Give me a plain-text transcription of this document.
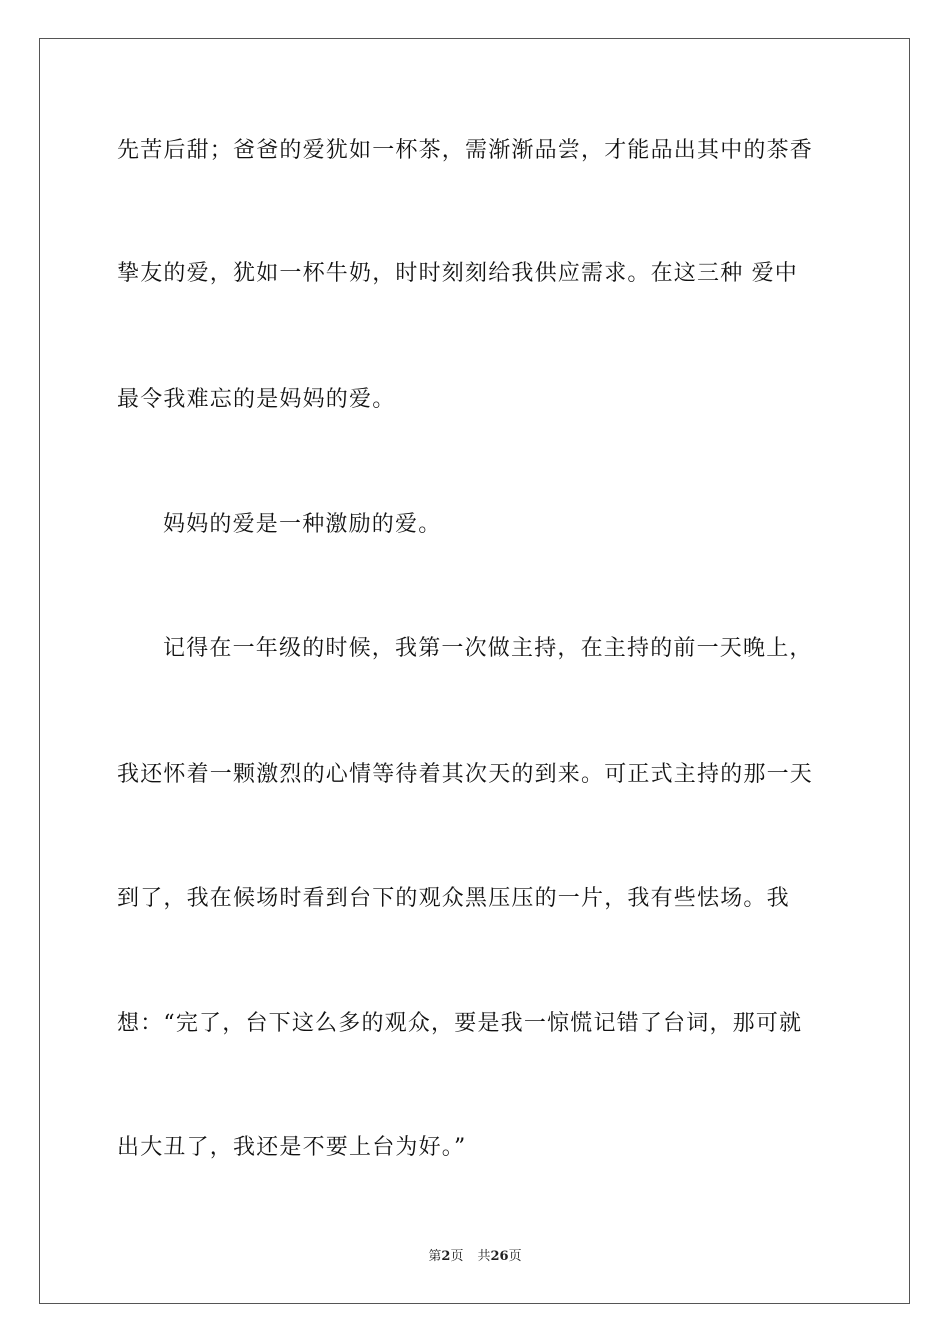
先苦后甜；爸爸的爱犹如一杯茶，需渐渐品尝，才能品出其中的茶香
挚友的爱，犹如一杯牛奶，时时刻刻给我供应需求。在这三种 爱中
最令我难忘的是妈妈的爱。
妈妈的爱是一种激励的爱。
记得在一年级的时候，我第一次做主持，在主持的前一天晚上，
我还怀着一颗激烈的心情等待着其次天的到来。可正式主持的那一天
到了，我在候场时看到台下的观众黑压压的一片，我有些怯场。我
想：“完了，台下这么多的观众，要是我一惊慌记错了台词，那可就
出大丑了，我还是不要上台为好。”
第2页 共26页
